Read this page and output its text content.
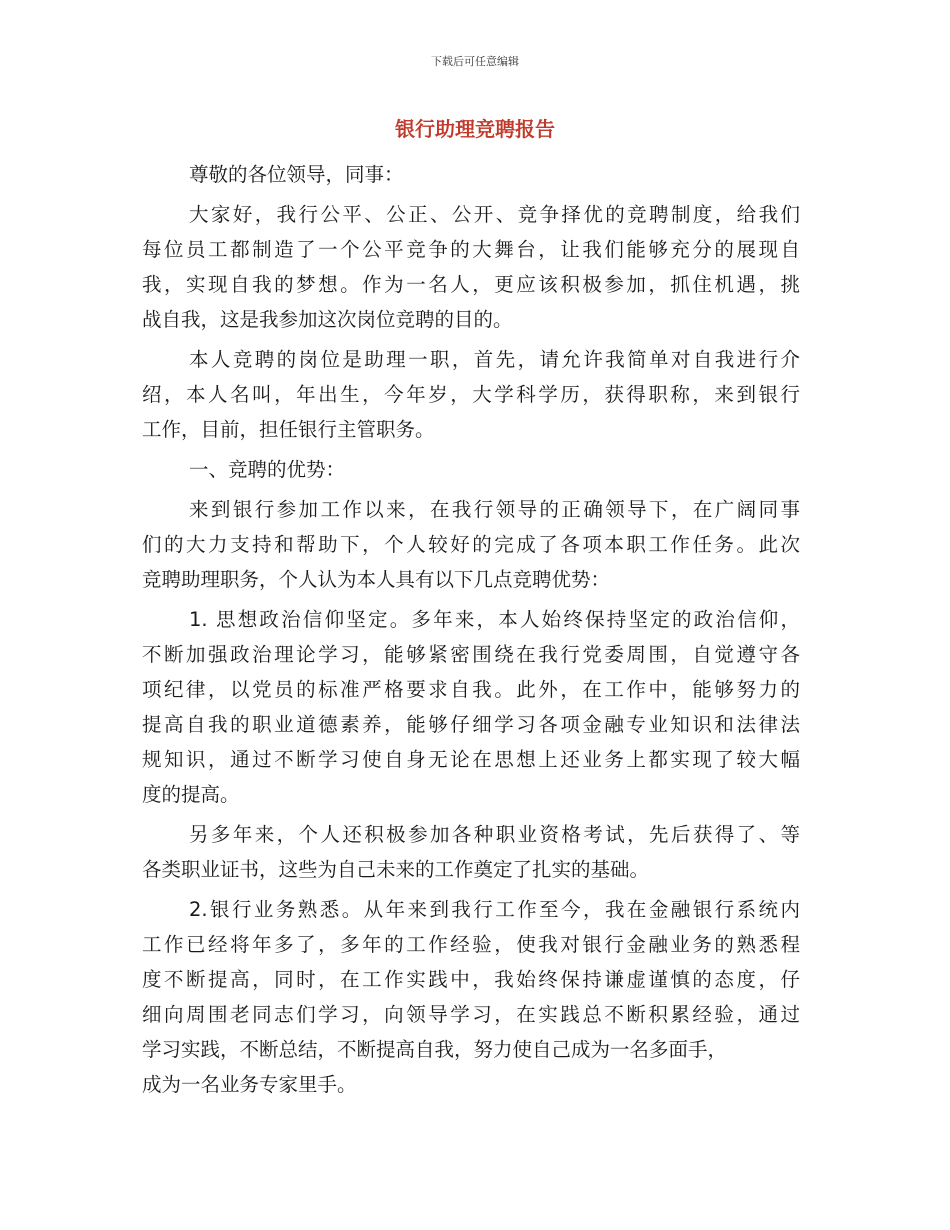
下载后可任意编辑
银行助理竞聘报告
尊敬的各位领导，同事：
大家好，我行公平、公正、公开、竞争择优的竞聘制度，给我们
每位员工都制造了一个公平竞争的大舞台，让我们能够充分的展现自
我，实现自我的梦想。作为一名人，更应该积极参加，抓住机遇，挑
战自我，这是我参加这次岗位竞聘的目的。
本人竞聘的岗位是助理一职，首先，请允许我简单对自我进行介
绍，本人名叫，年出生，今年岁，大学科学历，获得职称，来到银行
工作，目前，担任银行主管职务。
一、竞聘的优势：
来到银行参加工作以来，在我行领导的正确领导下，在广阔同事
们的大力支持和帮助下，个人较好的完成了各项本职工作任务。此次
竞聘助理职务，个人认为本人具有以下几点竞聘优势：
1. 思想政治信仰坚定。多年来，本人始终保持坚定的政治信仰，
不断加强政治理论学习，能够紧密围绕在我行党委周围，自觉遵守各
项纪律，以党员的标准严格要求自我。此外，在工作中，能够努力的
提高自我的职业道德素养，能够仔细学习各项金融专业知识和法律法
规知识，通过不断学习使自身无论在思想上还业务上都实现了较大幅
度的提高。
另多年来，个人还积极参加各种职业资格考试，先后获得了、等
各类职业证书，这些为自己未来的工作奠定了扎实的基础。
2.银行业务熟悉。从年来到我行工作至今，我在金融银行系统内
工作已经将年多了，多年的工作经验，使我对银行金融业务的熟悉程
度不断提高，同时，在工作实践中，我始终保持谦虚谨慎的态度，仔
细向周围老同志们学习，向领导学习，在实践总不断积累经验，通过
学习实践，不断总结，不断提高自我，努力使自己成为一名多面手，
成为一名业务专家里手。
